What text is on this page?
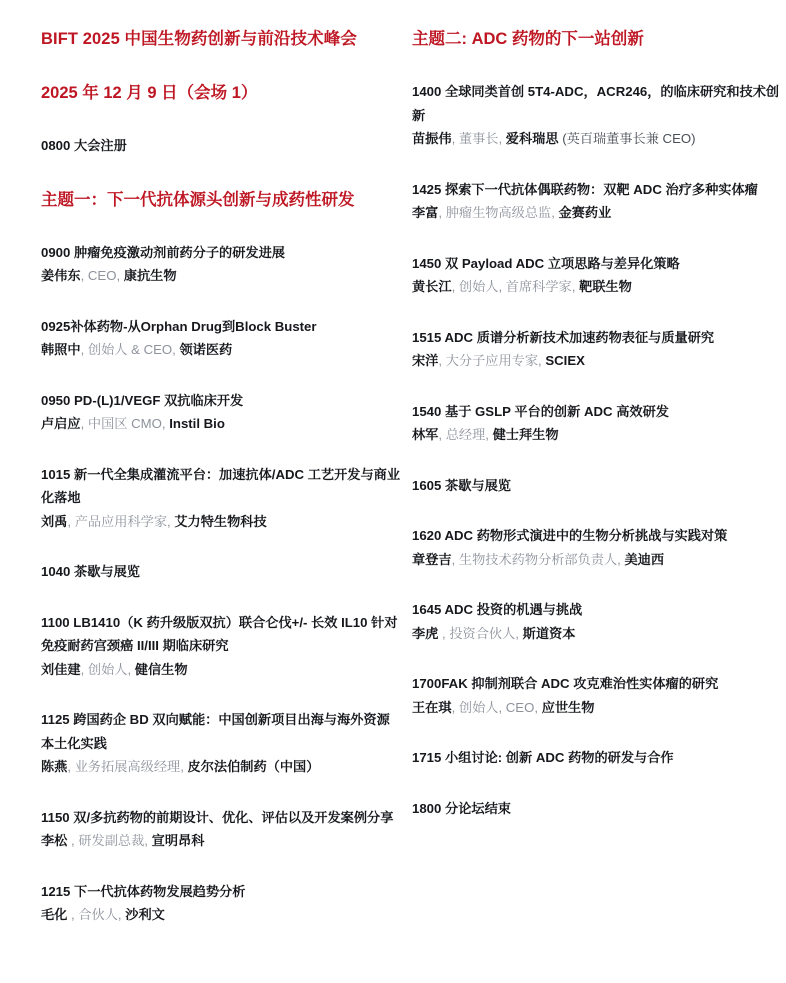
BIFT 2025 中国生物药创新与前沿技术峰会
2025 年 12 月 9 日（会场 1）

0800 大会注册

主题一：下一代抗体源头创新与成药性研发

0900 肿瘤免疫激动剂前药分子的研发进展

姜伟东, CEO, 康抗生物

0925补体药物-从Orphan Drug到Block Buster

韩照中, 创始人 & CEO, 领诺医药

0950 PD-(L)1/VEGF 双抗临床开发

卢启应, 中国区 CMO, Instil Bio

1015 新一代全集成灌流平台：加速抗体/ADC 工艺开发与商业化落地

刘禹, 产品应用科学家, 艾力特生物科技

1040 茶歇与展览

1100 LB1410（K 药升级版双抗）联合仑伐+/- 长效 IL10 针对免疫耐药宫颈癌 II/III 期临床研究

刘佳建, 创始人, 健信生物

1125 跨国药企 BD 双向赋能：中国创新项目出海与海外资源本土化实践

陈燕, 业务拓展高级经理, 皮尔法伯制药（中国）

1150 双/多抗药物的前期设计、优化、评估以及开发案例分享

李松 , 研发副总裁, 宣明昂科

1215 下一代抗体药物发展趋势分析

毛化 , 合伙人, 沙利文

主题二: ADC 药物的下一站创新

1400 全球同类首创 5T4-ADC，ACR246，的临床研究和技术创新

苗振伟, 董事长, 爱科瑞思 (英百瑞董事长兼 CEO)

1425 探索下一代抗体偶联药物：双靶 ADC 治疗多种实体瘤

李富, 肿瘤生物高级总监, 金赛药业

1450 双 Payload ADC 立项思路与差异化策略

黄长江, 创始人, 首席科学家, 靶联生物

1515 ADC 质谱分析新技术加速药物表征与质量研究

宋洋, 大分子应用专家, SCIEX

1540 基于 GSLP 平台的创新 ADC 高效研发

林军, 总经理, 健士拜生物

1605 茶歇与展览

1620 ADC 药物形式演进中的生物分析挑战与实践对策

章登吉, 生物技术药物分析部负责人, 美迪西

1645 ADC 投资的机遇与挑战

李虎 , 投资合伙人, 斯道资本

1700FAK 抑制剂联合 ADC 攻克难治性实体瘤的研究

王在琪, 创始人, CEO, 应世生物

1715 小组讨论: 创新 ADC 药物的研发与合作

1800 分论坛结束
